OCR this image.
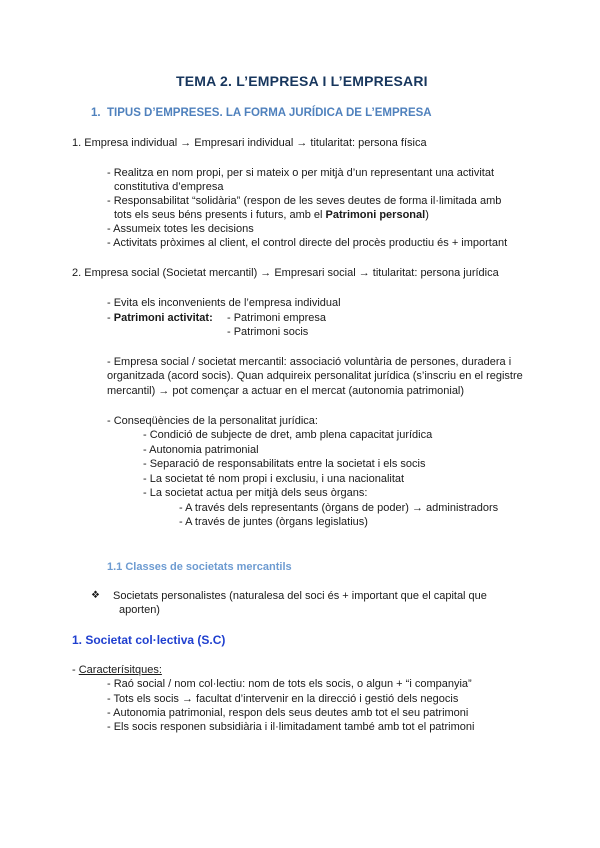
TEMA 2. L’EMPRESA I L’EMPRESARI
1. TIPUS D’EMPRESES. LA FORMA JURÍDICA DE L’EMPRESA
1. Empresa individual → Empresari individual → titularitat: persona física
- Realitza en nom propi, per si mateix o per mitjà d’un representant una activitat
constitutiva d’empresa
- Responsabilitat “solidària” (respon de les seves deutes de forma il·limitada amb
tots els seus béns presents i futurs, amb el Patrimoni personal)
- Assumeix totes les decisions
- Activitats pròximes al client, el control directe del procès productiu és + important
2. Empresa social (Societat mercantil) → Empresari social → titularitat: persona jurídica
- Evita els inconvenients de l’empresa individual
- Patrimoni activitat: - Patrimoni empresa
- Patrimoni socis
- Empresa social / societat mercantil: associació voluntària de persones, duradera i
organitzada (acord socis). Quan adquireix personalitat jurídica (s’inscriu en el registre
mercantil) → pot començar a actuar en el mercat (autonomia patrimonial)
- Conseqüències de la personalitat jurídica:
- Condició de subjecte de dret, amb plena capacitat jurídica
- Autonomia patrimonial
- Separació de responsabilitats entre la societat i els socis
- La societat té nom propi i exclusiu, i una nacionalitat
- La societat actua per mitjà dels seus òrgans:
- A través dels representants (òrgans de poder) → administradors
- A través de juntes (òrgans legislatius)
1.1 Classes de societats mercantils
❖ Societats personalistes (naturalesa del soci és + important que el capital que
aporten)
1. Societat col·lectiva (S.C)
- Caracterísitques:
- Raó social / nom col·lectiu: nom de tots els socis, o algun + “i companyia”
- Tots els socis → facultat d’intervenir en la direcció i gestió dels negocis
- Autonomia patrimonial, respon dels seus deutes amb tot el seu patrimoni
- Els socis responen subsidiària i il·limitadament també amb tot el patrimoni
